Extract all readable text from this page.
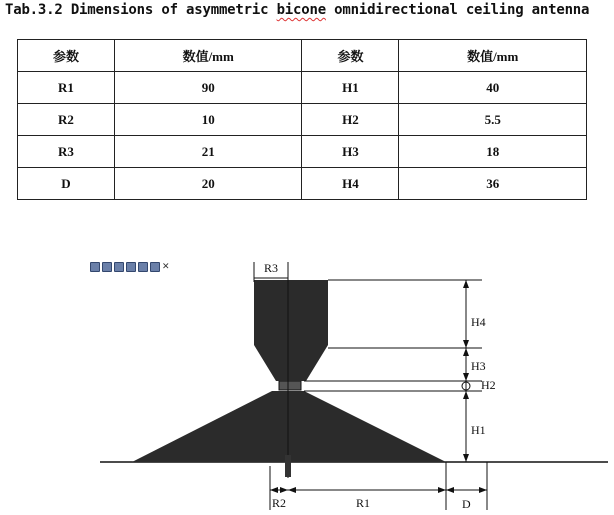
Tab.3.2 Dimensions of asymmetric bicone omnidirectional ceiling antenna
参数	数值/mm	参数	数值/mm
R1	90	H1	40
R2	10	H2	5.5
R3	21	H3	18
D	20	H4	36
✕	R3
H4
H3
H2
H1
R2	R1	D
